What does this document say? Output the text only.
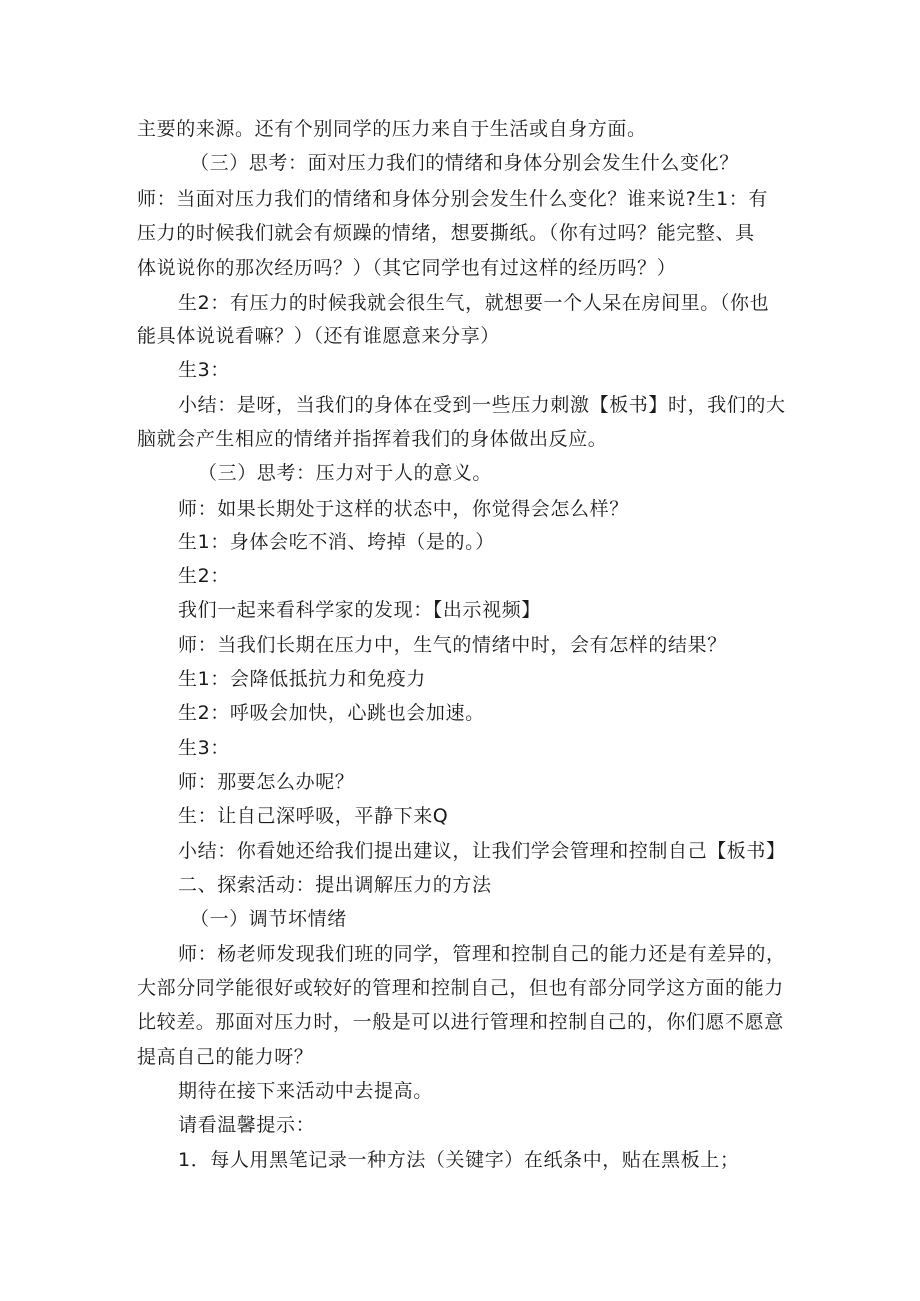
主要的来源。还有个别同学的压力来自于生活或自身方面。
（三）思考：面对压力我们的情绪和身体分别会发生什么变化？
师：当面对压力我们的情绪和身体分别会发生什么变化？谁来说?生1：有
压力的时候我们就会有烦躁的情绪，想要撕纸。（你有过吗？能完整、具
体说说你的那次经历吗？）（其它同学也有过这样的经历吗？）
生2：有压力的时候我就会很生气，就想要一个人呆在房间里。（你也
能具体说说看嘛？）（还有谁愿意来分享）
生3：
小结：是呀，当我们的身体在受到一些压力刺激【板书】时，我们的大
脑就会产生相应的情绪并指挥着我们的身体做出反应。
（三）思考：压力对于人的意义。
师：如果长期处于这样的状态中，你觉得会怎么样？
生1：身体会吃不消、垮掉（是的。）
生2：
我们一起来看科学家的发现：【出示视频】
师：当我们长期在压力中，生气的情绪中时，会有怎样的结果？
生1：会降低抵抗力和免疫力
生2：呼吸会加快，心跳也会加速。
生3：
师：那要怎么办呢？
生：让自己深呼吸，平静下来Q
小结：你看她还给我们提出建议，让我们学会管理和控制自己【板书】
二、探索活动：提出调解压力的方法
（一）调节坏情绪
师：杨老师发现我们班的同学，管理和控制自己的能力还是有差异的，
大部分同学能很好或较好的管理和控制自己，但也有部分同学这方面的能力
比较差。那面对压力时，一般是可以进行管理和控制自己的，你们愿不愿意
提高自己的能力呀？
期待在接下来活动中去提高。
请看温馨提示：
1．每人用黑笔记录一种方法（关键字）在纸条中，贴在黑板上；
